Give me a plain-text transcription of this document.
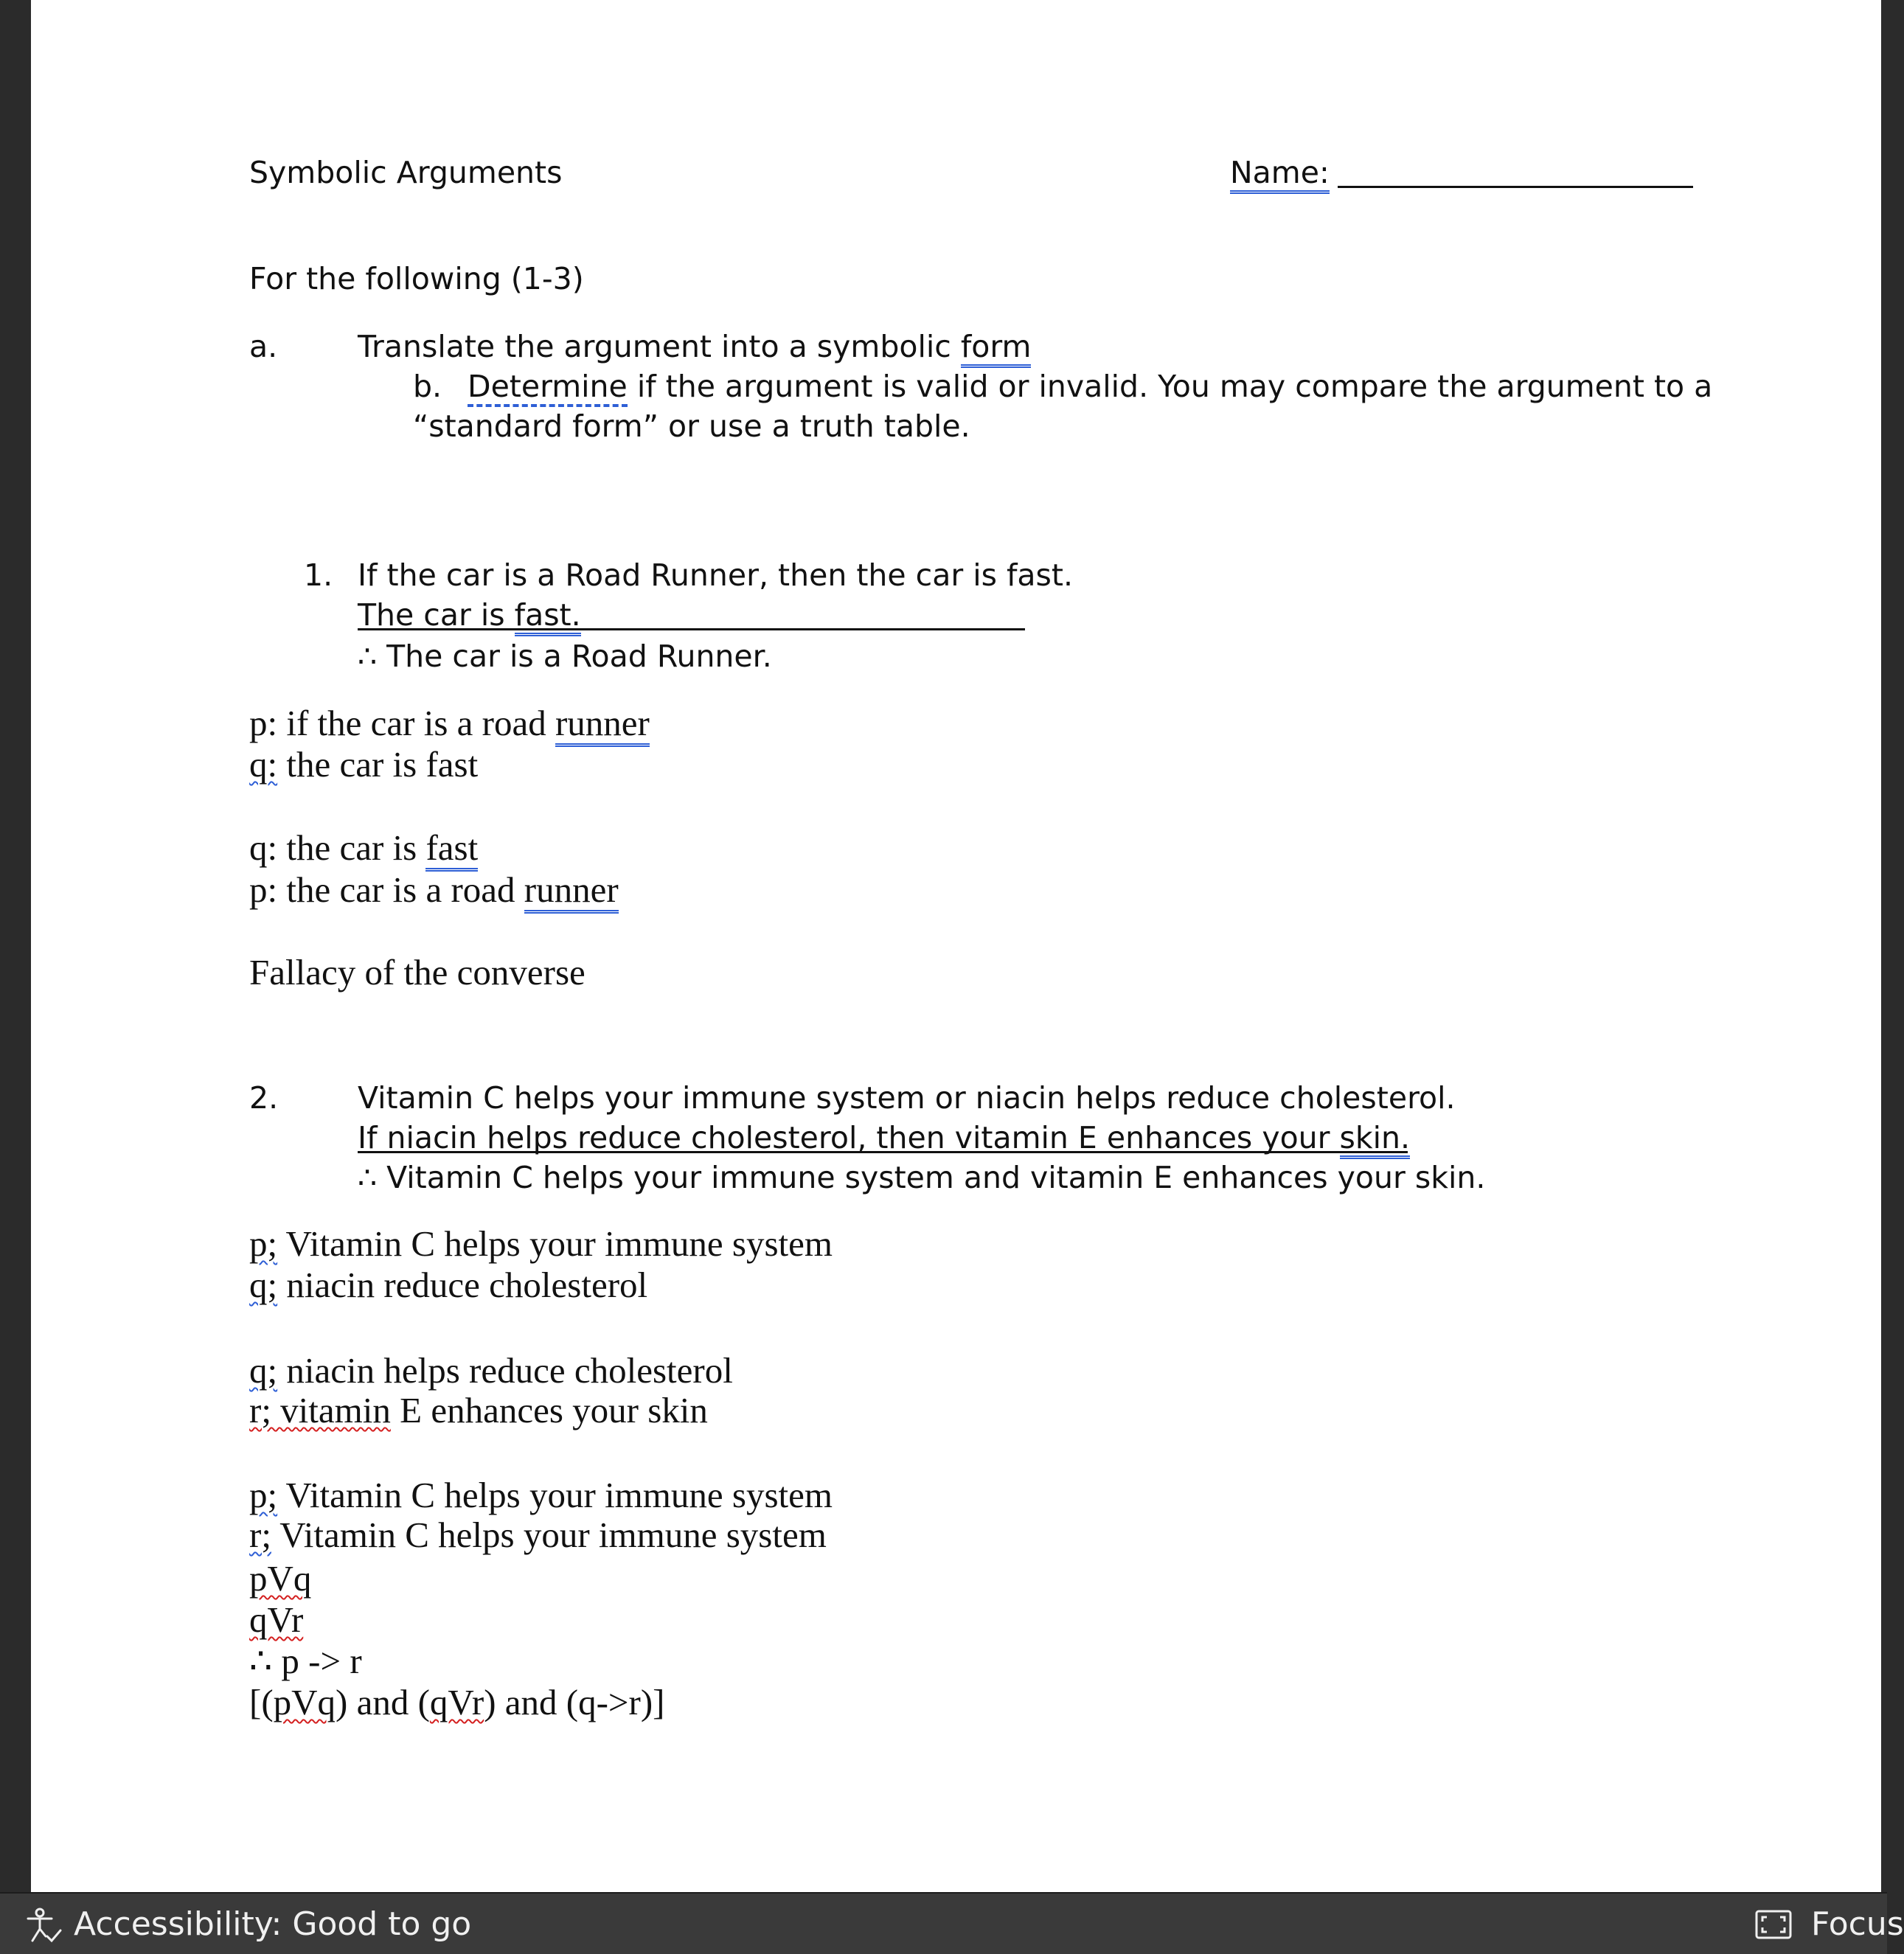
Symbolic Arguments	Name:
For the following (1-3)
a.	Translate the argument into a symbolic form
b. Determine if the argument is valid or invalid. You may compare the argument to a
“standard form” or use a truth table.
1. If the car is a Road Runner, then the car is fast.
The car is fast.
∴ The car is a Road Runner.
p: if the car is a road runner
q: the car is fast
q: the car is fast
p: the car is a road runner
Fallacy of the converse
2.	Vitamin C helps your immune system or niacin helps reduce cholesterol.
If niacin helps reduce cholesterol, then vitamin E enhances your skin.
∴ Vitamin C helps your immune system and vitamin E enhances your skin.
p; Vitamin C helps your immune system
q; niacin reduce cholesterol
q; niacin helps reduce cholesterol
r; vitamin E enhances your skin
p; Vitamin C helps your immune system
r; Vitamin C helps your immune system
pVq
qVr
∴ p -> r
[(pVq) and (qVr) and (q->r)]
Accessibility: Good to go	Focus
